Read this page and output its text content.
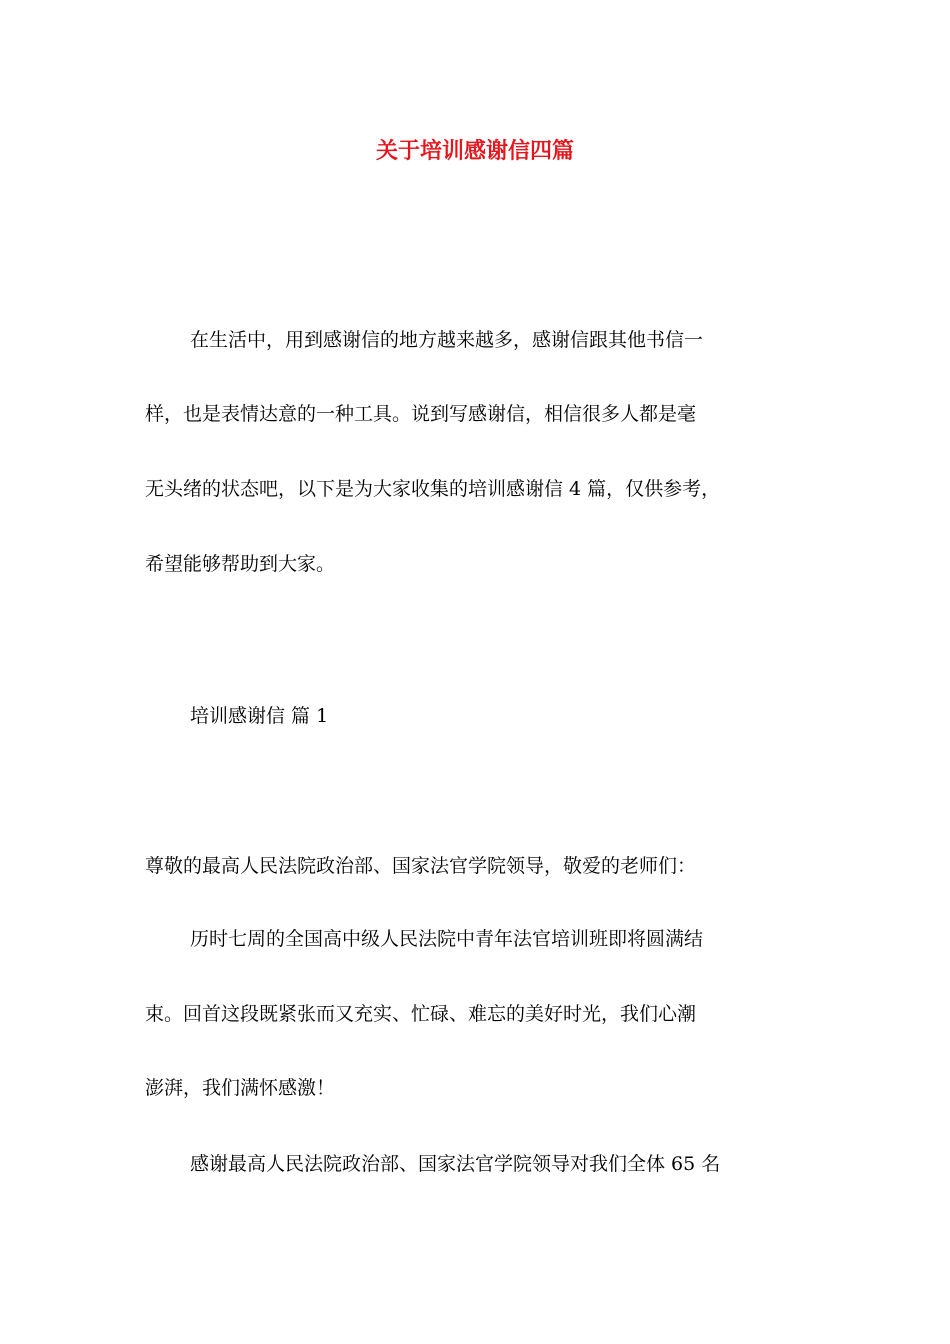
关于培训感谢信四篇
在生活中，用到感谢信的地方越来越多，感谢信跟其他书信一
样，也是表情达意的一种工具。说到写感谢信，相信很多人都是毫
无头绪的状态吧，以下是为大家收集的培训感谢信 4 篇，仅供参考，
希望能够帮助到大家。
培训感谢信 篇 1
尊敬的最高人民法院政治部、国家法官学院领导，敬爱的老师们：
历时七周的全国高中级人民法院中青年法官培训班即将圆满结
束。回首这段既紧张而又充实、忙碌、难忘的美好时光，我们心潮
澎湃，我们满怀感激！
感谢最高人民法院政治部、国家法官学院领导对我们全体 65 名
